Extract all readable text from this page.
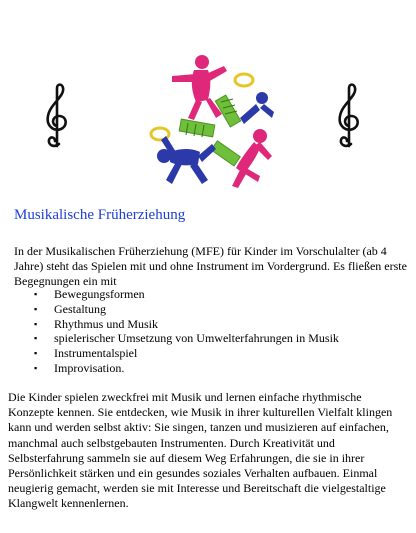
Musikalische Früherziehung

In der Musikalischen Früherziehung (MFE) für Kinder im Vorschulalter (ab 4 Jahre) steht das Spielen mit und ohne Instrument im Vordergrund. Es fließen erste Begegnungen ein mit

▪ Bewegungsformen
▪ Gestaltung
▪ Rhythmus und Musik
▪ spielerischer Umsetzung von Umwelterfahrungen in Musik
▪ Instrumentalspiel
▪ Improvisation.

Die Kinder spielen zweckfrei mit Musik und lernen einfache rhythmische Konzepte kennen. Sie entdecken, wie Musik in ihrer kulturellen Vielfalt klingen kann und werden selbst aktiv: Sie singen, tanzen und musizieren auf einfachen, manchmal auch selbstgebauten Instrumenten. Durch Kreativität und Selbsterfahrung sammeln sie auf diesem Weg Erfahrungen, die sie in ihrer Persönlichkeit stärken und ein gesundes soziales Verhalten aufbauen. Einmal neugierig gemacht, werden sie mit Interesse und Bereitschaft die vielgestaltige Klangwelt kennenlernen.
